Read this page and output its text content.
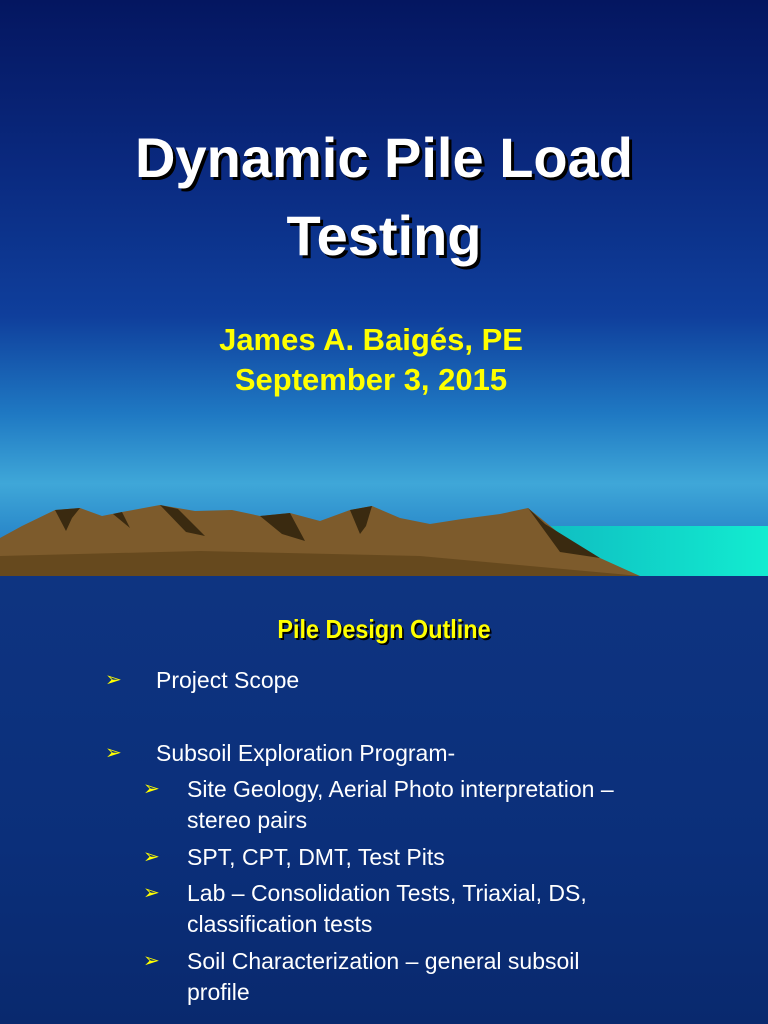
Dynamic Pile Load
Testing
James A. Baigés, PE
September 3, 2015
Pile Design Outline
➢ Project Scope
➢ Subsoil Exploration Program-
➢ Site Geology, Aerial Photo interpretation –
stereo pairs
➢ SPT, CPT, DMT, Test Pits
➢ Lab – Consolidation Tests, Triaxial, DS,
classification tests
➢ Soil Characterization – general subsoil
profile
